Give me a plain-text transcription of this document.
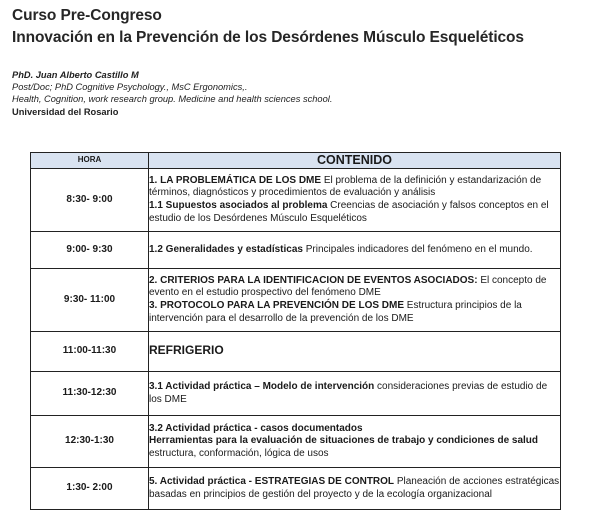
Curso Pre-Congreso
Innovación en la Prevención de los Desórdenes Músculo Esqueléticos
PhD. Juan Alberto Castillo M
Post/Doc; PhD Cognitive Psychology., MsC Ergonomics,.
Health, Cognition, work research group. Medicine and health sciences school.
Universidad del Rosario
HORA	CONTENIDO
8:30- 9:00	1. LA PROBLEMÁTICA DE LOS DME El problema de la definición y estandarización de términos, diagnósticos y procedimientos de evaluación y análisis
1.1 Supuestos asociados al problema Creencias de asociación y falsos conceptos en el estudio de los Desórdenes Músculo Esqueléticos
9:00- 9:30	1.2 Generalidades y estadísticas Principales indicadores del fenómeno en el mundo.
9:30- 11:00	2. CRITERIOS PARA LA IDENTIFICACION DE EVENTOS ASOCIADOS: El concepto de evento en el estudio prospectivo del fenómeno DME
3. PROTOCOLO PARA LA PREVENCIÓN DE LOS DME Estructura principios de la intervención para el desarrollo de la prevención de los DME
11:00-11:30	REFRIGERIO
11:30-12:30	3.1 Actividad práctica – Modelo de intervención consideraciones previas de estudio de los DME
12:30-1:30	3.2 Actividad práctica - casos documentados
Herramientas para la evaluación de situaciones de trabajo y condiciones de salud
estructura, conformación, lógica de usos
1:30- 2:00	5. Actividad práctica - ESTRATEGIAS DE CONTROL Planeación de acciones estratégicas basadas en principios de gestión del proyecto y de la ecología organizacional
